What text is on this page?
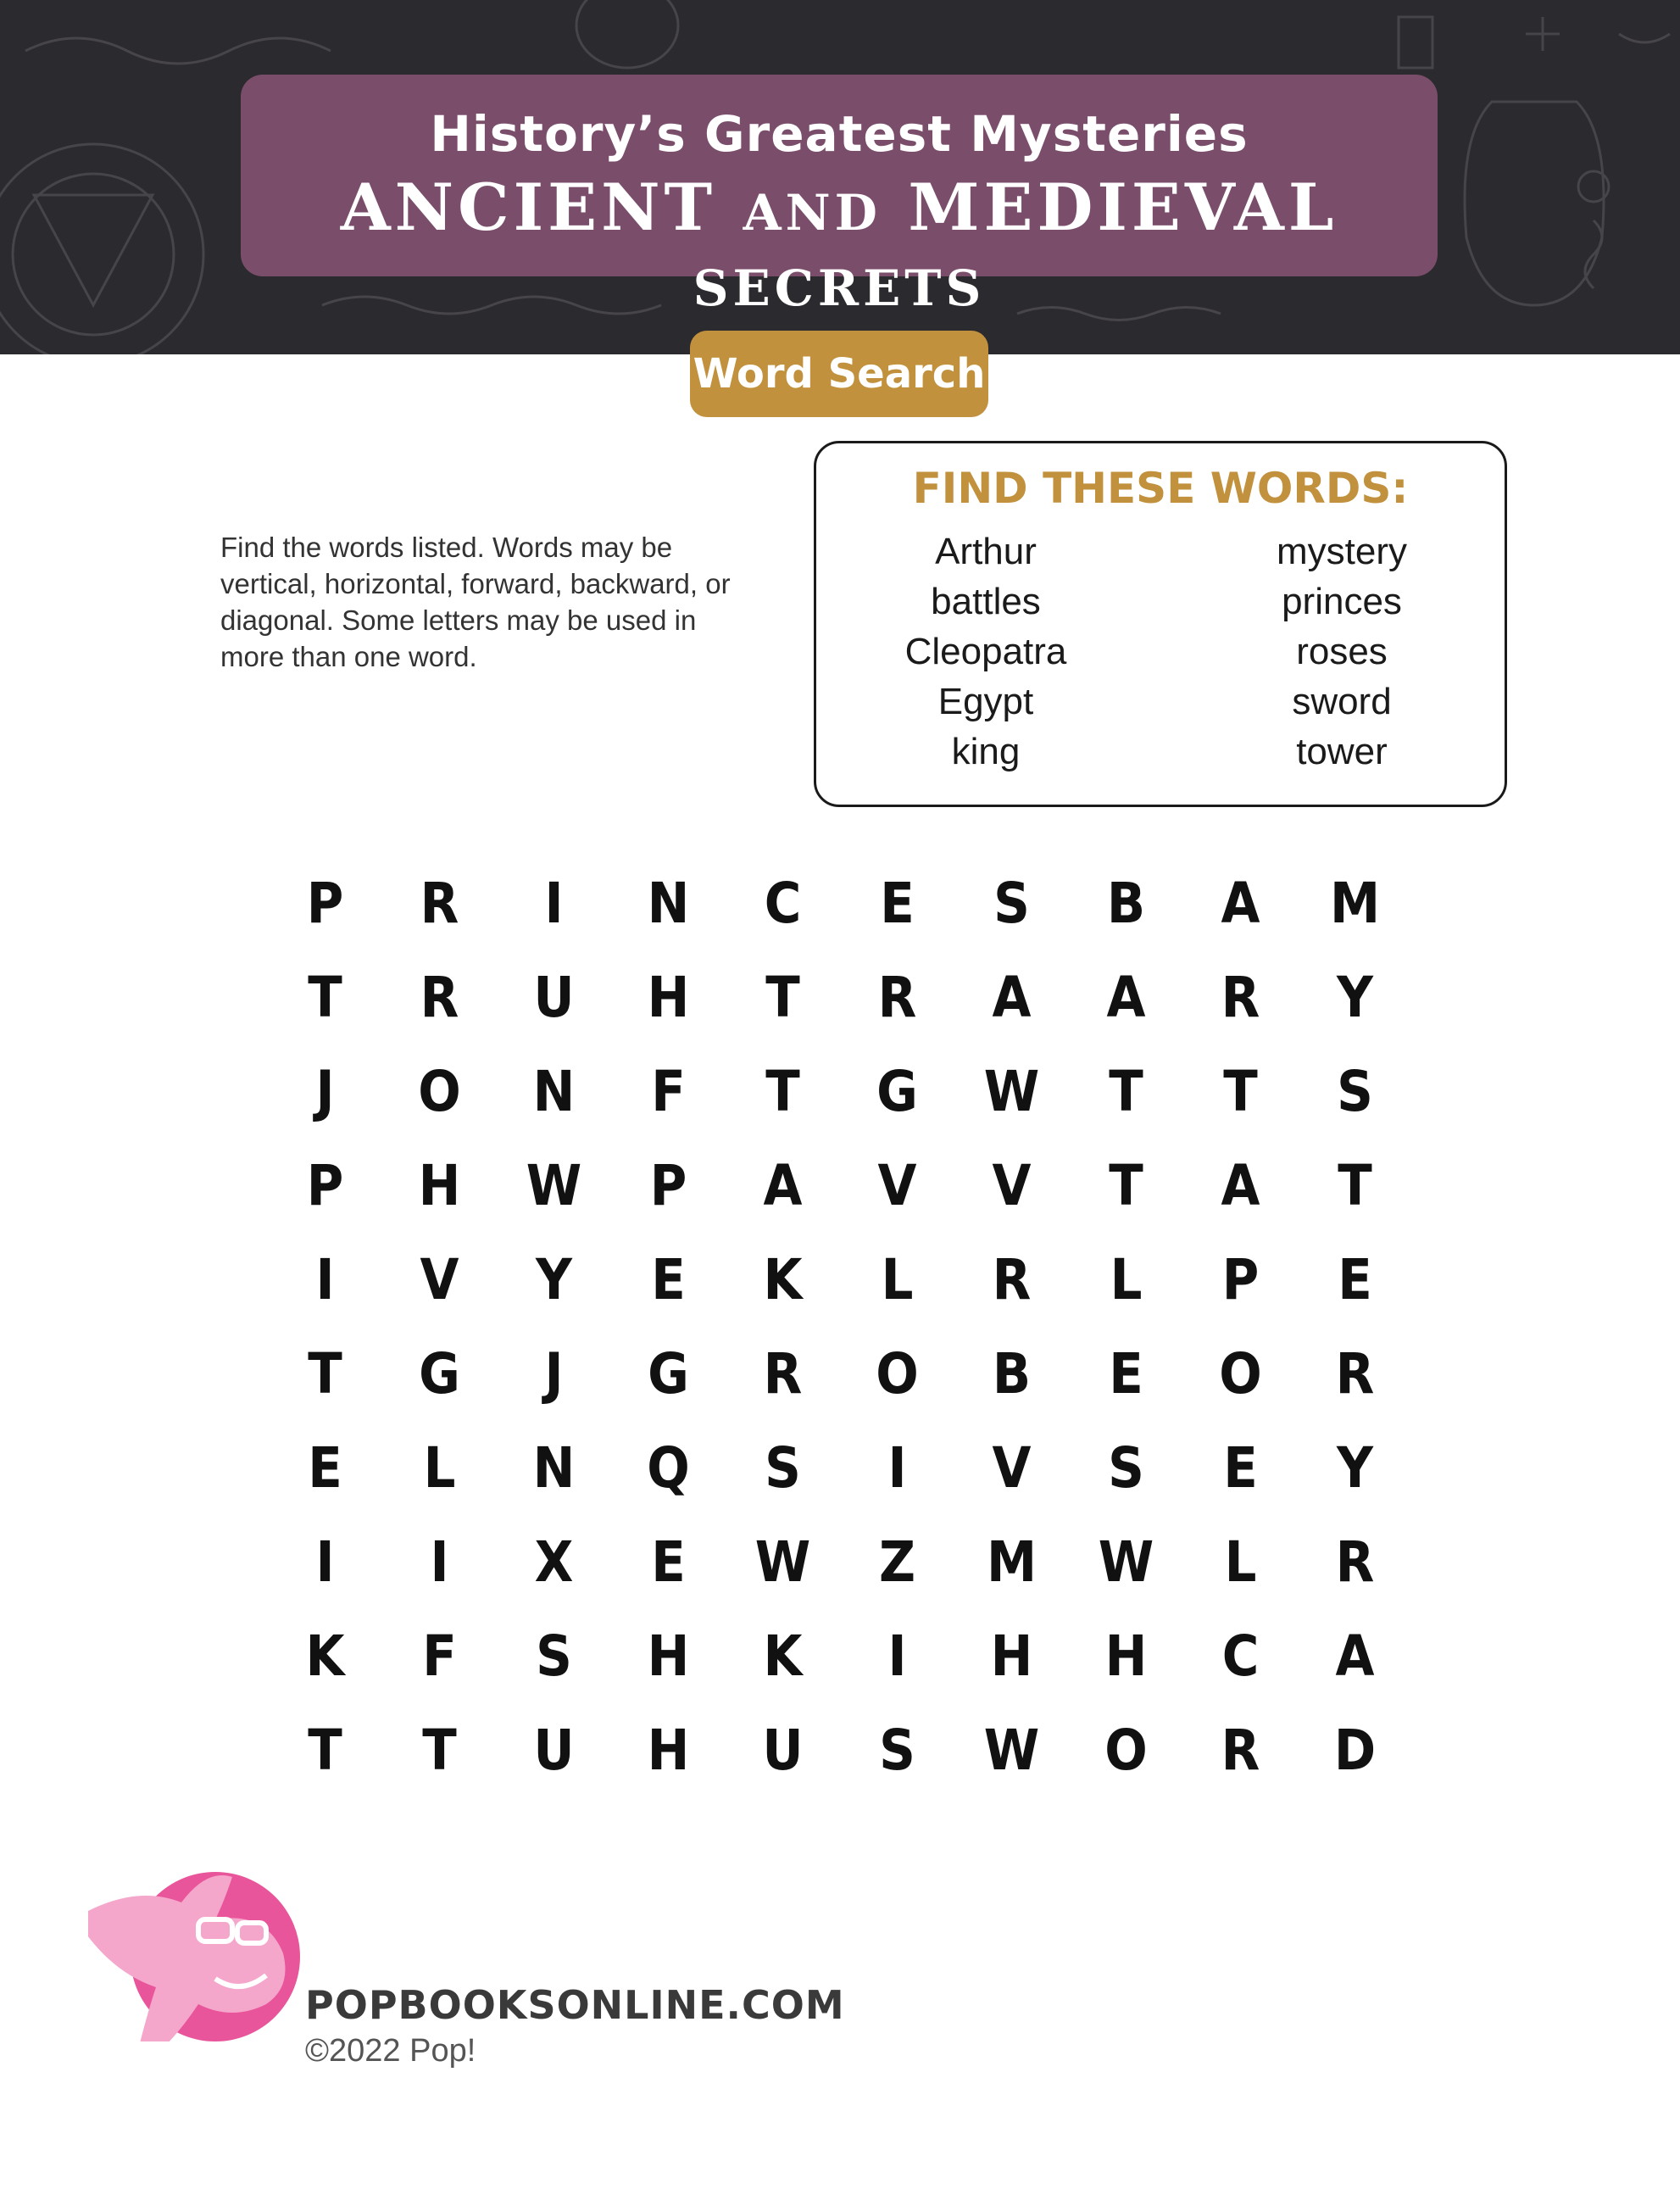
History’s Greatest Mysteries
ANCIENT AND MEDIEVAL SECRETS
Word Search
Find the words listed. Words may be vertical, horizontal, forward, backward, or diagonal. Some letters may be used in more than one word.
FIND THESE WORDS:
Arthur
battles
Cleopatra
Egypt
king
mystery
princes
roses
sword
tower
P	R	I	N	C	E	S	B	A	M
T	R	U	H	T	R	A	A	R	Y
J	O	N	F	T	G	W	T	T	S
P	H	W	P	A	V	V	T	A	T
I	V	Y	E	K	L	R	L	P	E
T	G	J	G	R	O	B	E	O	R
E	L	N	Q	S	I	V	S	E	Y
I	I	X	E	W	Z	M	W	L	R
K	F	S	H	K	I	H	H	C	A
T	T	U	H	U	S	W	O	R	D
POPBOOKSONLINE.COM
©2022 Pop!
